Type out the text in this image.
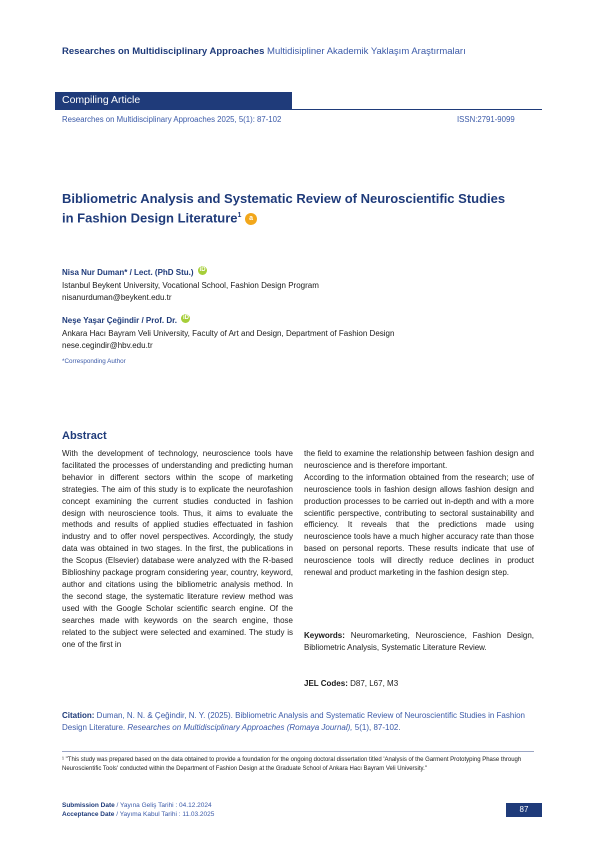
Researches on Multidisciplinary Approaches Multidisipliner Akademik Yaklaşım Araştırmaları
Compiling Article
Researches on Multidisciplinary Approaches 2025, 5(1): 87-102	ISSN:2791-9099
Bibliometric Analysis and Systematic Review of Neuroscientific Studies
in Fashion Design Literature$^1$ a
Nisa Nur Duman* / Lect. (PhD Stu.) iD
Istanbul Beykent University, Vocational School, Fashion Design Program
nisanurduman@beykent.edu.tr
Neşe Yaşar Çeğindir / Prof. Dr. iD
Ankara Hacı Bayram Veli University, Faculty of Art and Design, Department of Fashion Design
nese.cegindir@hbv.edu.tr
*Corresponding Author
Abstract

With the development of technology, neuroscience tools have facilitated the processes of understanding and predicting human behavior in different sectors within the scope of marketing strategies. The aim of this study is to explicate the neurofashion concept examining the current studies conducted in fashion design with neuroscience tools. Thus, it aims to evaluate the methods and results of applied studies effectuated in fashion industry and to offer novel perspectives. Accordingly, the study data was obtained in two stages. In the first, the publications in the Scopus (Elsevier) database were analyzed with the R-based Biblioshiny package program considering year, country, keyword, author and citations using the bibliometric analysis method. In the second stage, the systematic literature review method was used with the Google Scholar scientific search engine. Of the searches made with keywords on the search engine, those related to the subject were selected and examined. The study is one of the first in

the field to examine the relationship between fashion design and neuroscience and is therefore important.

According to the information obtained from the research; use of neuroscience tools in fashion design allows fashion design and production processes to be carried out in-depth and with a more scientific perspective, contributing to sectoral sustainability and efficiency. It reveals that the predictions made using neuroscience tools have a much higher accuracy rate than those based on personal reports. These results indicate that use of neuroscience tools will directly reduce declines in product renewal and product marketing in the fashion design step.

Keywords: Neuromarketing, Neuroscience, Fashion Design, Bibliometric Analysis, Systematic Literature Review.
JEL Codes: D87, L67, M3
Citation: Duman, N. N. & Çeğindir, N. Y. (2025). Bibliometric Analysis and Systematic Review of Neuroscientific Studies in Fashion Design Literature. Researches on Multidisciplinary Approaches (Romaya Journal), 5(1), 87-102.
¹ "This study was prepared based on the data obtained to provide a foundation for the ongoing doctoral dissertation titled 'Analysis of the Garment Prototyping Phase through Neuroscientific Tools' conducted within the Department of Fashion Design at the Graduate School of Ankara Hacı Bayram Veli University."
Submission Date / Yayına Geliş Tarihi : 04.12.2024
Acceptance Date / Yayıma Kabul Tarihi : 11.03.2025
87
